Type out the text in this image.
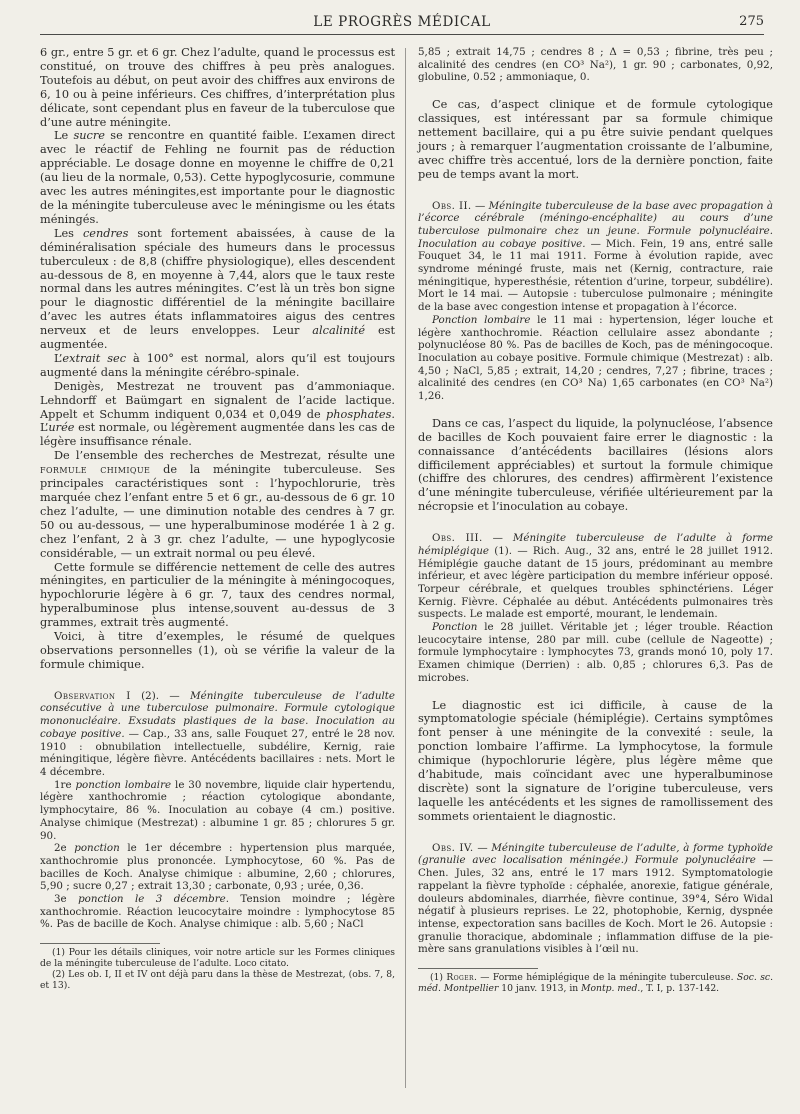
LE PROGRÈS MÉDICAL	275

6 gr., entre 5 gr. et 6 gr. Chez l’adulte, quand le processus est constitué, on trouve des chiffres à peu près analogues. Toutefois au début, on peut avoir des chiffres aux environs de 6, 10 ou à peine inférieurs. Ces chiffres, d’interprétation plus délicate, sont cependant plus en faveur de la tuberculose que d’une autre méningite.

Le sucre se rencontre en quantité faible. L’examen direct avec le réactif de Fehling ne fournit pas de réduction appréciable. Le dosage donne en moyenne le chiffre de 0,21 (au lieu de la normale, 0,53). Cette hypoglycosurie, commune avec les autres méningites,est importante pour le diagnostic de la méningite tuberculeuse avec le méningisme ou les états méningés.

Les cendres sont fortement abaissées, à cause de la déminéralisation spéciale des humeurs dans le processus tuberculeux : de 8,8 (chiffre physiologique), elles descendent au-dessous de 8, en moyenne à 7,44, alors que le taux reste normal dans les autres méningites. C’est là un très bon signe pour le diagnostic différentiel de la méningite bacillaire d’avec les autres états inflammatoires aigus des centres nerveux et de leurs enveloppes. Leur alcalinité est augmentée.

L’extrait sec à 100° est normal, alors qu’il est toujours augmenté dans la méningite cérébro-spinale.

Denigès, Mestrezat ne trouvent pas d’ammoniaque. Lehndorff et Baümgart en signalent de l’acide lactique. Appelt et Schumm indiquent 0,034 et 0,049 de phosphates. L’urée est normale, ou légèrement augmentée dans les cas de légère insuffisance rénale.

De l’ensemble des recherches de Mestrezat, résulte une formule chimique de la méningite tuberculeuse. Ses principales caractéristiques sont : l’hypochlorurie, très marquée chez l’enfant entre 5 et 6 gr., au-dessous de 6 gr. 10 chez l’adulte, — une diminution notable des cendres à 7 gr. 50 ou au-dessous, — une hyperalbuminose modérée 1 à 2 g. chez l’enfant, 2 à 3 gr. chez l’adulte, — une hypoglycosie considérable, — un extrait normal ou peu élevé.

Cette formule se différencie nettement de celle des autres méningites, en particulier de la méningite à méningocoques, hypochlorurie légère à 6 gr. 7, taux des cendres normal, hyperalbuminose plus intense,souvent au-dessus de 3 grammes, extrait très augmenté.

Voici, à titre d’exemples, le résumé de quelques observations personnelles (1), où se vérifie la valeur de la formule chimique.

Observation I (2). — Méningite tuberculeuse de l’adulte consécutive à une tuberculose pulmonaire. Formule cytologique mononucléaire. Exsudats plastiques de la base. Inoculation au cobaye positive. — Cap., 33 ans, salle Fouquet 27, entré le 28 nov. 1910 : obnubilation intellectuelle, subdélire, Kernig, raie méningitique, légère fièvre. Antécédents bacillaires : nets. Mort le 4 décembre.

1re ponction lombaire le 30 novembre, liquide clair hypertendu, légère xanthochromie ; réaction cytologique abondante, lymphocytaire, 86 %. Inoculation au cobaye (4 cm.) positive. Analyse chimique (Mestrezat) : albumine 1 gr. 85 ; chlorures 5 gr. 90.

2e ponction le 1er décembre : hypertension plus marquée, xanthochromie plus prononcée. Lymphocytose, 60 %. Pas de bacilles de Koch. Analyse chimique : albumine, 2,60 ; chlorures, 5,90 ; sucre 0,27 ; extrait 13,30 ; carbonate, 0,93 ; urée, 0,36.

3e ponction le 3 décembre. Tension moindre ; légère xanthochromie. Réaction leucocytaire moindre : lymphocytose 85 %. Pas de bacille de Koch. Analyse chimique : alb. 5,60 ; NaCl

(1) Pour les détails cliniques, voir notre article sur les Formes cliniques de la méningite tuberculeuse de l’adulte. Loco citato.

(2) Les ob. I, II et IV ont déjà paru dans la thèse de Mestrezat, (obs. 7, 8, et 13).

5,85 ; extrait 14,75 ; cendres 8 ; Δ = 0,53 ; fibrine, très peu ; alcalinité des cendres (en CO³ Na²), 1 gr. 90 ; carbonates, 0,92, globuline, 0.52 ; ammoniaque, 0.

Ce cas, d’aspect clinique et de formule cytologique classiques, est intéressant par sa formule chimique nettement bacillaire, qui a pu être suivie pendant quelques jours ; à remarquer l’augmentation croissante de l’albumine, avec chiffre très accentué, lors de la dernière ponction, faite peu de temps avant la mort.

Obs. II. — Méningite tuberculeuse de la base avec propagation à l’écorce cérébrale (méningo-encéphalite) au cours d’une tuberculose pulmonaire chez un jeune. Formule polynucléaire. Inoculation au cobaye positive. — Mich. Fein, 19 ans, entré salle Fouquet 34, le 11 mai 1911. Forme à évolution rapide, avec syndrome méningé fruste, mais net (Kernig, contracture, raie méningitique, hyperesthésie, rétention d’urine, torpeur, subdélire). Mort le 14 mai. — Autopsie : tuberculose pulmonaire ; méningite de la base avec congestion intense et propagation à l’écorce.

Ponction lombaire le 11 mai : hypertension, léger louche et légère xanthochromie. Réaction cellulaire assez abondante ; polynucléose 80 %. Pas de bacilles de Koch, pas de méningocoque. Inoculation au cobaye positive. Formule chimique (Mestrezat) : alb. 4,50 ; NaCl, 5,85 ; extrait, 14,20 ; cendres, 7,27 ; fibrine, traces ; alcalinité des cendres (en CO³ Na) 1,65 carbonates (en CO³ Na²) 1,26.

Dans ce cas, l’aspect du liquide, la polynucléose, l’absence de bacilles de Koch pouvaient faire errer le diagnostic : la connaissance d’antécédents bacillaires (lésions alors difficilement appréciables) et surtout la formule chimique (chiffre des chlorures, des cendres) affirmèrent l’existence d’une méningite tuberculeuse, vérifiée ultérieurement par la nécropsie et l’inoculation au cobaye.

Obs. III. — Méningite tuberculeuse de l’adulte à forme hémiplégique (1). — Rich. Aug., 32 ans, entré le 28 juillet 1912. Hémiplégie gauche datant de 15 jours, prédominant au membre inférieur, et avec légère participation du membre inférieur opposé. Torpeur cérébrale, et quelques troubles sphinctériens. Léger Kernig. Fièvre. Céphalée au début. Antécédents pulmonaires très suspects. Le malade est emporté, mourant, le lendemain.

Ponction le 28 juillet. Véritable jet ; léger trouble. Réaction leucocytaire intense, 280 par mill. cube (cellule de Nageotte) ; formule lymphocytaire : lymphocytes 73, grands monó 10, poly 17. Examen chimique (Derrien) : alb. 0,85 ; chlorures 6,3. Pas de microbes.

Le diagnostic est ici difficile, à cause de la symptomatologie spéciale (hémiplégie). Certains symptômes font penser à une méningite de la convexité : seule, la ponction lombaire l’affirme. La lymphocytose, la formule chimique (hypochlorurie légère, plus légère même que d’habitude, mais coïncidant avec une hyperalbuminose discrète) sont la signature de l’origine tuberculeuse, vers laquelle les antécédents et les signes de ramollissement des sommets orientaient le diagnostic.

Obs. IV. — Méningite tuberculeuse de l’adulte, à forme typhoïde (granulie avec localisation méningée.) Formule polynucléaire — Chen. Jules, 32 ans, entré le 17 mars 1912. Symptomatologie rappelant la fièvre typhoïde : céphalée, anorexie, fatigue générale, douleurs abdominales, diarrhée, fièvre continue, 39°4, Séro Widal négatif à plusieurs reprises. Le 22, photophobie, Kernig, dyspnée intense, expectoration sans bacilles de Koch. Mort le 26. Autopsie : granulie thoracique, abdominale ; inflammation diffuse de la pie-mère sans granulations visibles à l’œil nu.

(1) Roger. — Forme hémiplégique de la méningite tuberculeuse. Soc. sc. méd. Montpellier 10 janv. 1913, in Montp. med., T. I, p. 137-142.
